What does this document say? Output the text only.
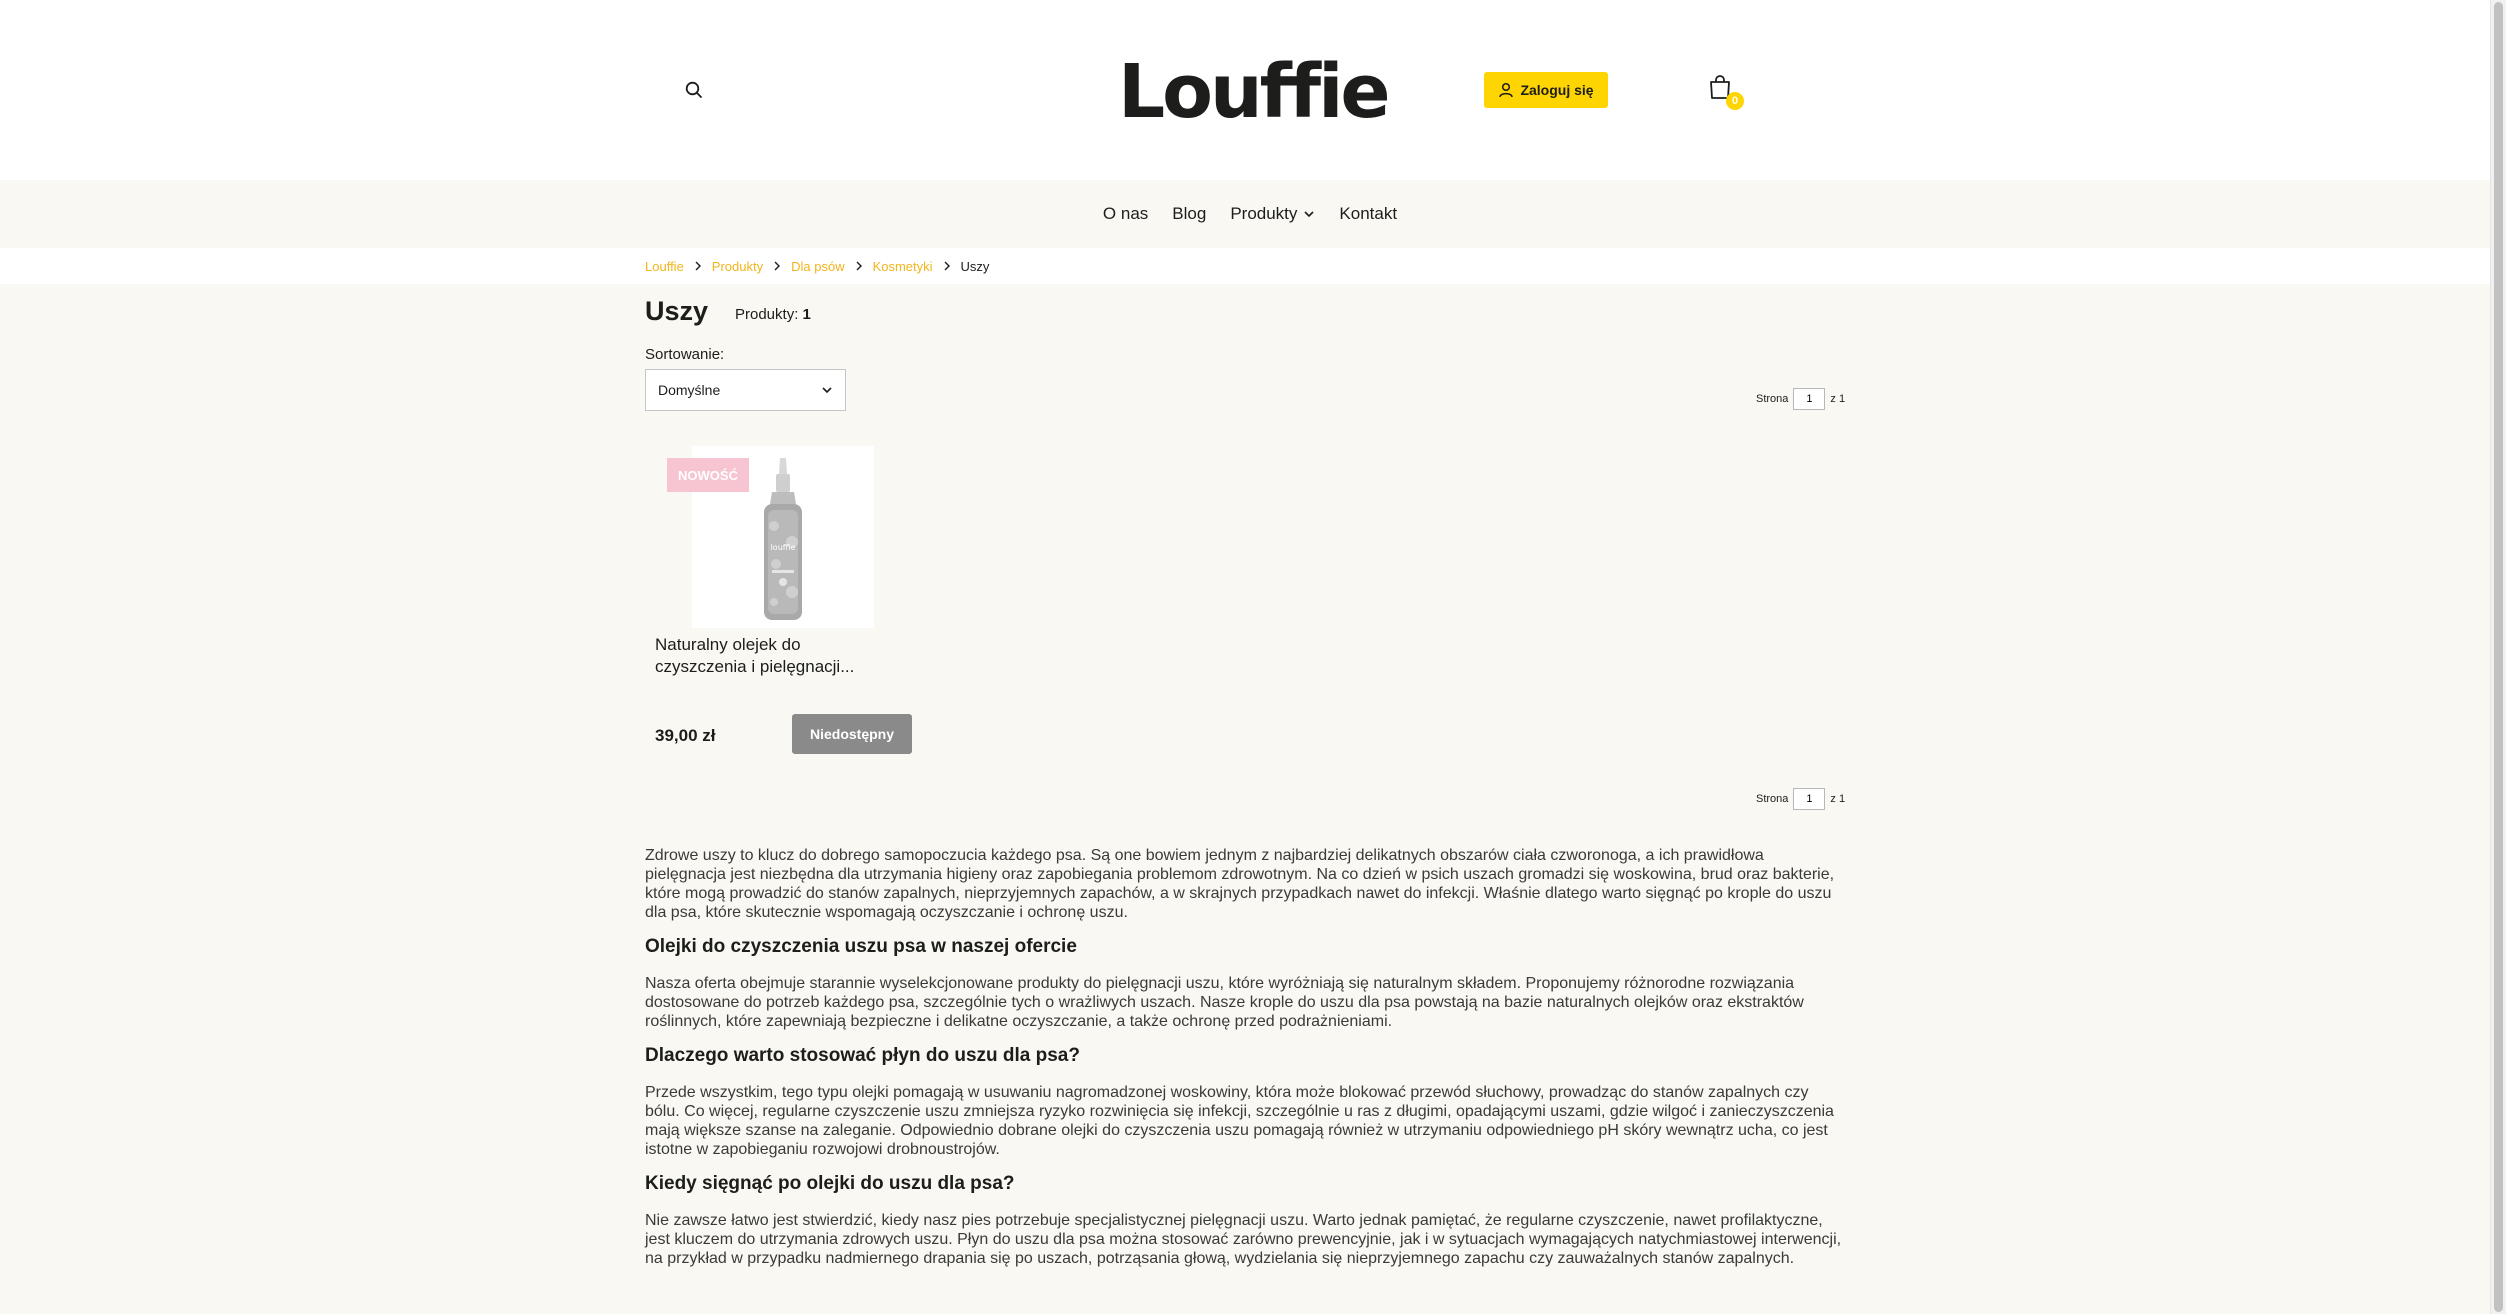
Louffie	Zaloguj się
0
O nas Blog Produkty Kontakt
Louffie Produkty Dla psów Kosmetyki Uszy
Uszy Produkty: 1
Sortowanie:
Domyślne
Strona
1	z 1
louffie
NOWOŚĆ
Naturalny olejek do czyszczenia i pielęgnacji...
39,00 zł	Niedostępny
Strona
1	z 1

Zdrowe uszy to klucz do dobrego samopoczucia każdego psa. Są one bowiem jednym z najbardziej delikatnych obszarów ciała czworonoga, a ich prawidłowa pielęgnacja jest niezbędna dla utrzymania higieny oraz zapobiegania problemom zdrowotnym. Na co dzień w psich uszach gromadzi się woskowina, brud oraz bakterie, które mogą prowadzić do stanów zapalnych, nieprzyjemnych zapachów, a w skrajnych przypadkach nawet do infekcji. Właśnie dlatego warto sięgnąć po krople do uszu dla psa, które skutecznie wspomagają oczyszczanie i ochronę uszu.

Olejki do czyszczenia uszu psa w naszej ofercie

Nasza oferta obejmuje starannie wyselekcjonowane produkty do pielęgnacji uszu, które wyróżniają się naturalnym składem. Proponujemy różnorodne rozwiązania dostosowane do potrzeb każdego psa, szczególnie tych o wrażliwych uszach. Nasze krople do uszu dla psa powstają na bazie naturalnych olejków oraz ekstraktów roślinnych, które zapewniają bezpieczne i delikatne oczyszczanie, a także ochronę przed podrażnieniami.

Dlaczego warto stosować płyn do uszu dla psa?

Przede wszystkim, tego typu olejki pomagają w usuwaniu nagromadzonej woskowiny, która może blokować przewód słuchowy, prowadząc do stanów zapalnych czy bólu. Co więcej, regularne czyszczenie uszu zmniejsza ryzyko rozwinięcia się infekcji, szczególnie u ras z długimi, opadającymi uszami, gdzie wilgoć i zanieczyszczenia mają większe szanse na zaleganie. Odpowiednio dobrane olejki do czyszczenia uszu pomagają również w utrzymaniu odpowiedniego pH skóry wewnątrz ucha, co jest istotne w zapobieganiu rozwojowi drobnoustrojów.

Kiedy sięgnąć po olejki do uszu dla psa?

Nie zawsze łatwo jest stwierdzić, kiedy nasz pies potrzebuje specjalistycznej pielęgnacji uszu. Warto jednak pamiętać, że regularne czyszczenie, nawet profilaktyczne, jest kluczem do utrzymania zdrowych uszu. Płyn do uszu dla psa można stosować zarówno prewencyjnie, jak i w sytuacjach wymagających natychmiastowej interwencji, na przykład w przypadku nadmiernego drapania się po uszach, potrząsania głową, wydzielania się nieprzyjemnego zapachu czy zauważalnych stanów zapalnych.
